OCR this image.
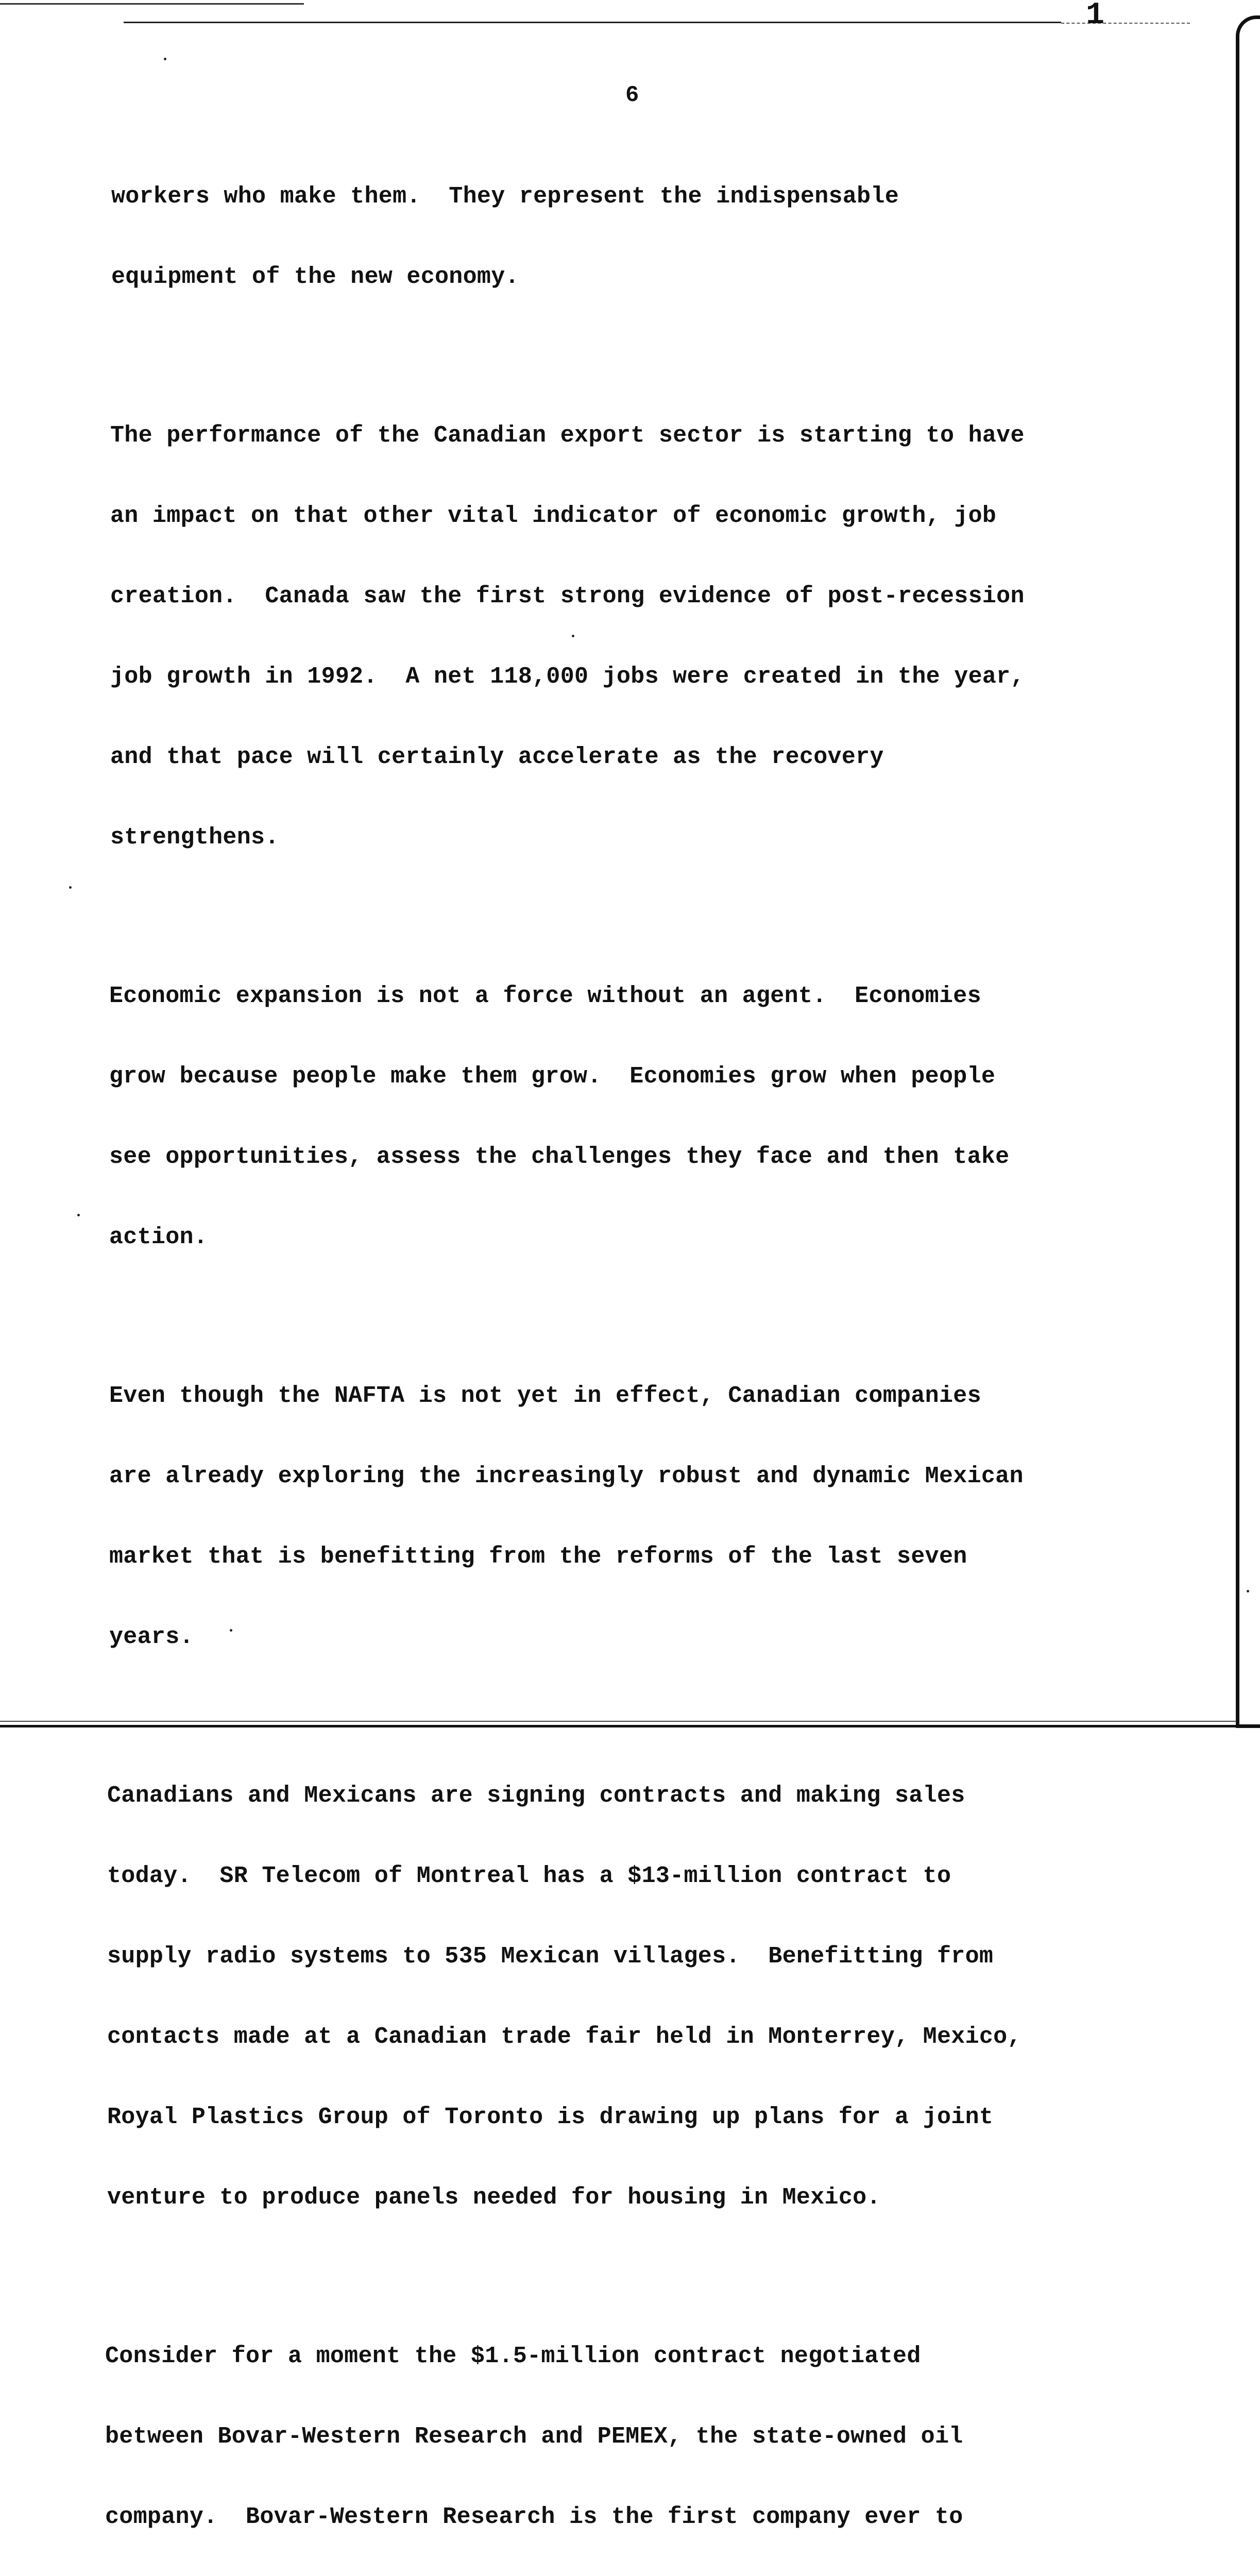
1
6

workers who make them.  They represent the indispensable

equipment of the new economy.

The performance of the Canadian export sector is starting to have

an impact on that other vital indicator of economic growth, job

creation.  Canada saw the first strong evidence of post-recession

job growth in 1992.  A net 118,000 jobs were created in the year,

and that pace will certainly accelerate as the recovery

strengthens.

Economic expansion is not a force without an agent.  Economies

grow because people make them grow.  Economies grow when people

see opportunities, assess the challenges they face and then take

action.

Even though the NAFTA is not yet in effect, Canadian companies

are already exploring the increasingly robust and dynamic Mexican

market that is benefitting from the reforms of the last seven

years.

Canadians and Mexicans are signing contracts and making sales

today.  SR Telecom of Montreal has a $13-million contract to

supply radio systems to 535 Mexican villages.  Benefitting from

contacts made at a Canadian trade fair held in Monterrey, Mexico,

Royal Plastics Group of Toronto is drawing up plans for a joint

venture to produce panels needed for housing in Mexico.

Consider for a moment the $1.5-million contract negotiated

between Bovar-Western Research and PEMEX, the state-owned oil

company.  Bovar-Western Research is the first company ever to
